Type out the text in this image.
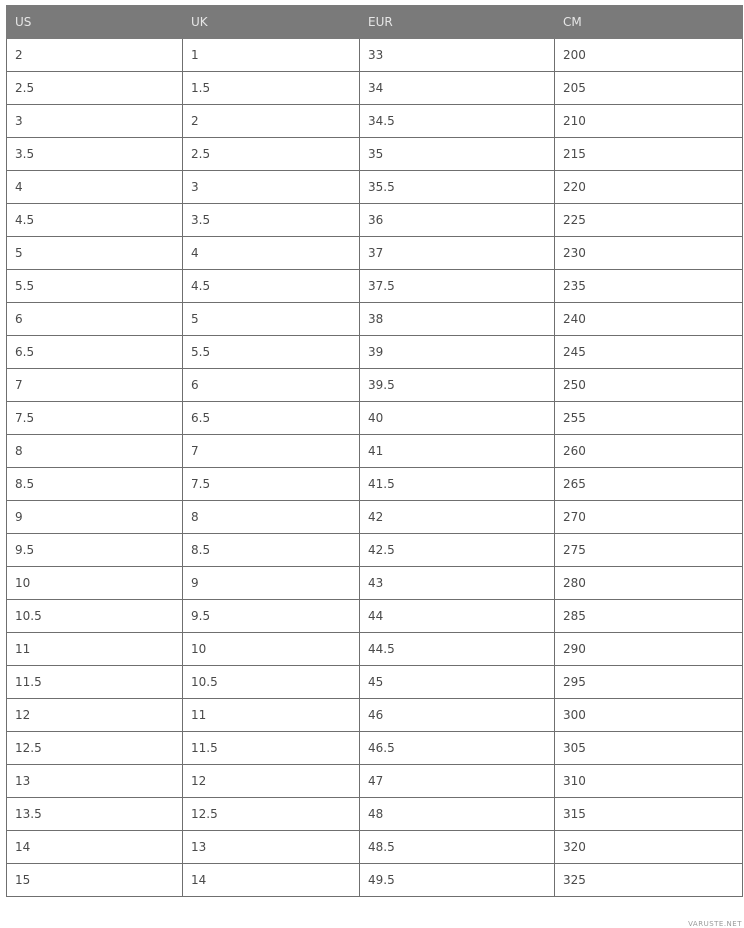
US	UK	EUR	CM
2	1	33	200
2.5	1.5	34	205
3	2	34.5	210
3.5	2.5	35	215
4	3	35.5	220
4.5	3.5	36	225
5	4	37	230
5.5	4.5	37.5	235
6	5	38	240
6.5	5.5	39	245
7	6	39.5	250
7.5	6.5	40	255
8	7	41	260
8.5	7.5	41.5	265
9	8	42	270
9.5	8.5	42.5	275
10	9	43	280
10.5	9.5	44	285
11	10	44.5	290
11.5	10.5	45	295
12	11	46	300
12.5	11.5	46.5	305
13	12	47	310
13.5	12.5	48	315
14	13	48.5	320
15	14	49.5	325
VARUSTE.NET
